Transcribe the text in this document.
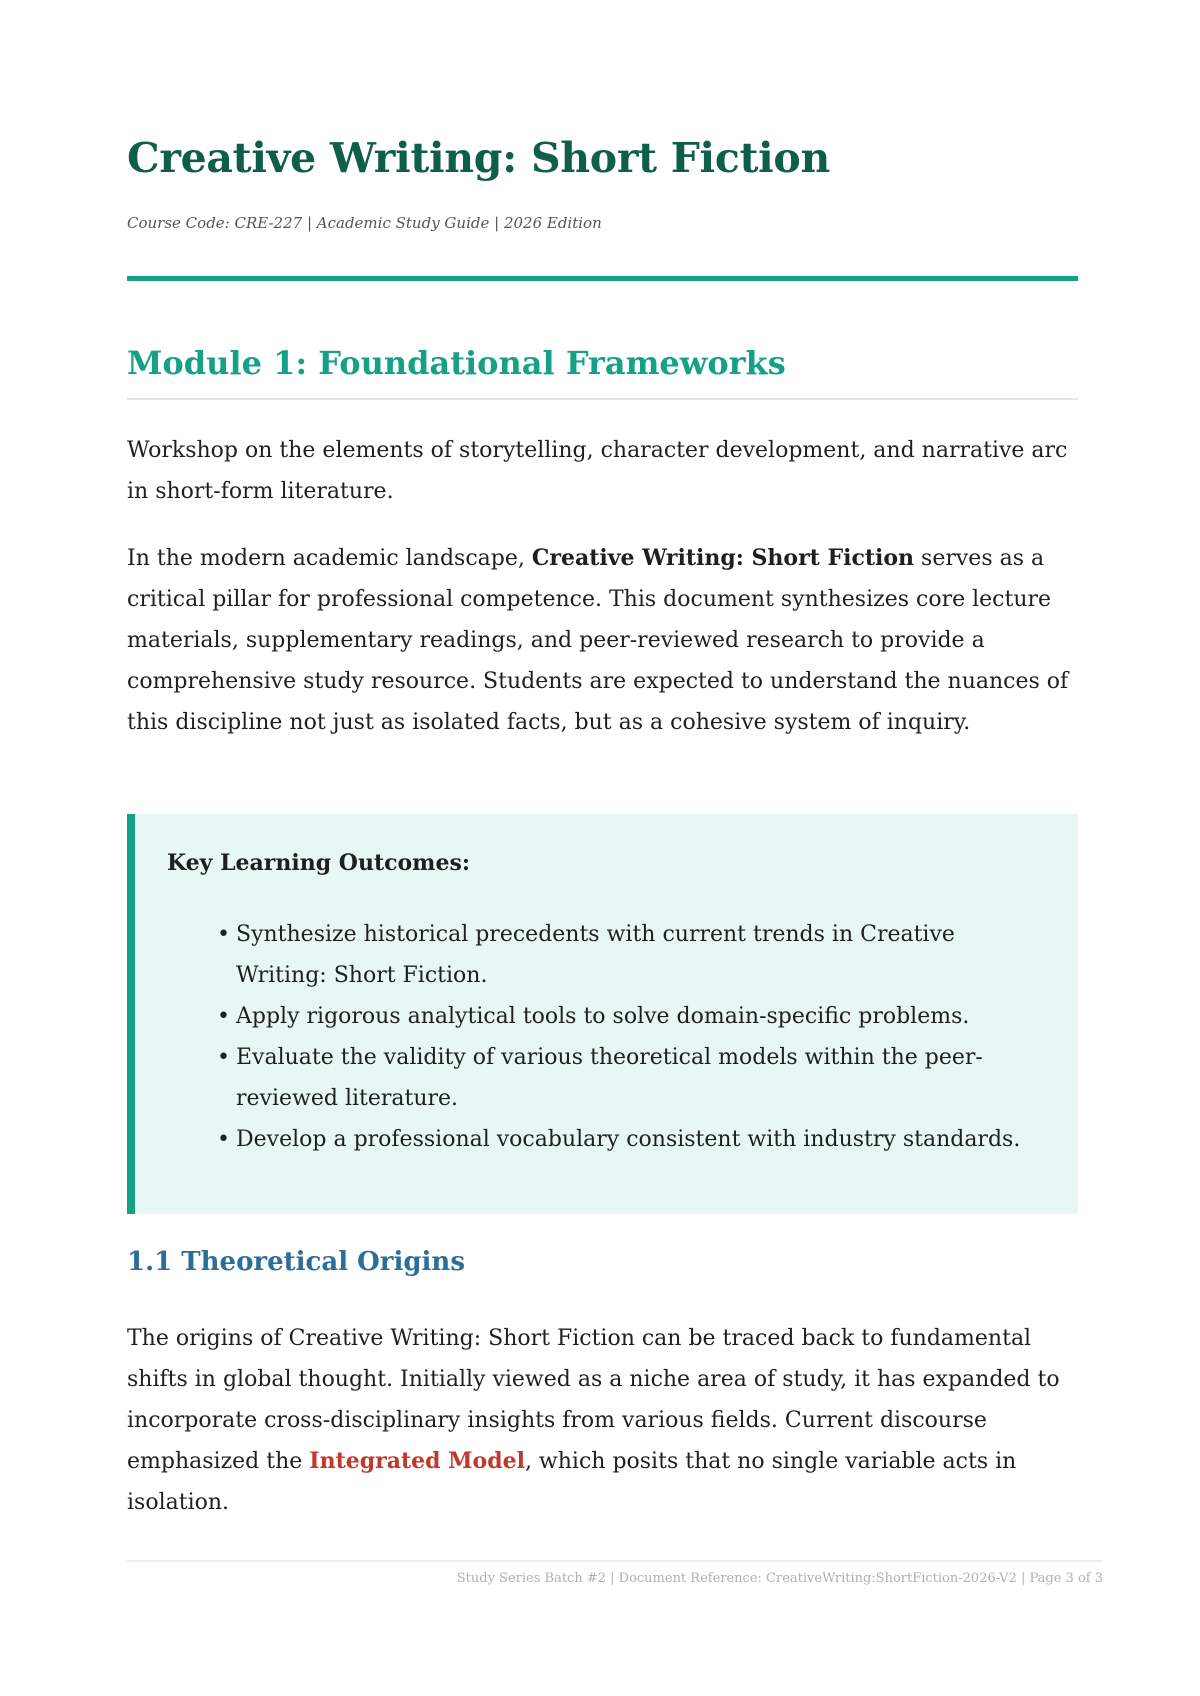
Creative Writing: Short Fiction

Course Code: CRE-227 | Academic Study Guide | 2026 Edition

Module 1: Foundational Frameworks

Workshop on the elements of storytelling, character development, and narrative arc in short-form literature.

In the modern academic landscape, Creative Writing: Short Fiction serves as a critical pillar for professional competence. This document synthesizes core lecture materials, supplementary readings, and peer-reviewed research to provide a comprehensive study resource. Students are expected to understand the nuances of this discipline not just as isolated facts, but as a cohesive system of inquiry.

Key Learning Outcomes:

• Synthesize historical precedents with current trends in Creative Writing: Short Fiction.
• Apply rigorous analytical tools to solve domain-specific problems.
• Evaluate the validity of various theoretical models within the peer-reviewed literature.
• Develop a professional vocabulary consistent with industry standards.
1.1 Theoretical Origins

The origins of Creative Writing: Short Fiction can be traced back to fundamental shifts in global thought. Initially viewed as a niche area of study, it has expanded to incorporate cross-disciplinary insights from various fields. Current discourse emphasized the Integrated Model, which posits that no single variable acts in isolation.

Study Series Batch #2 | Document Reference: CreativeWriting:ShortFiction-2026-V2 | Page 3 of 3
